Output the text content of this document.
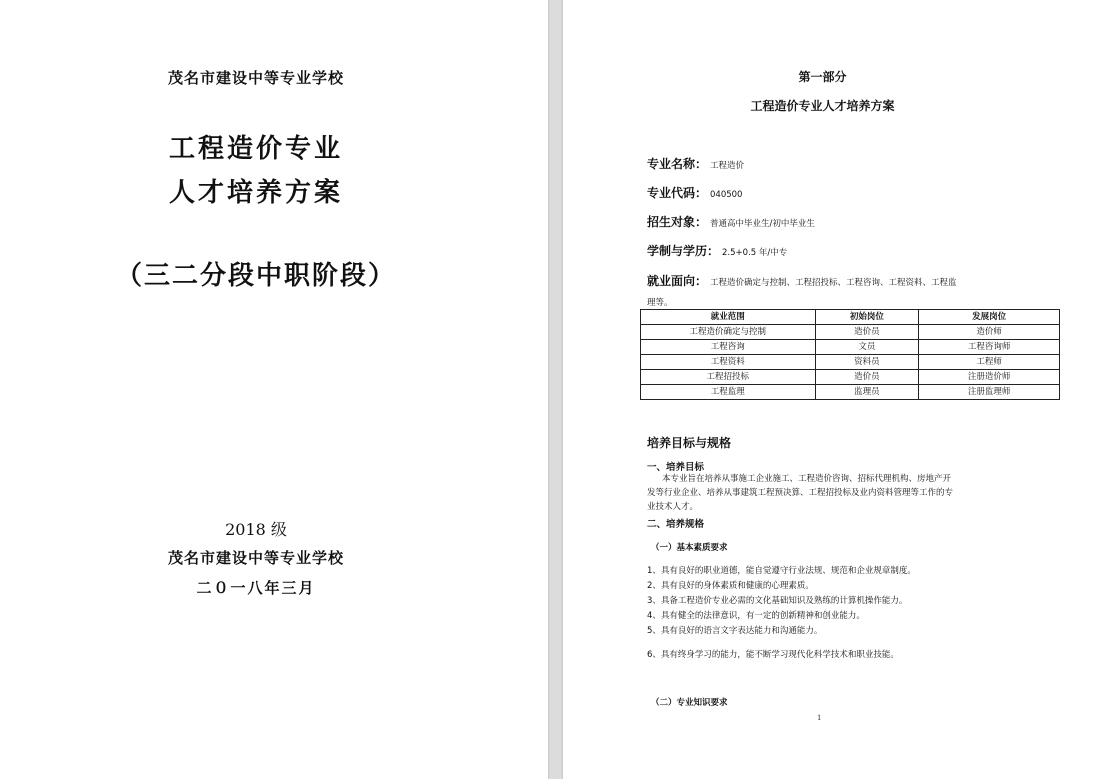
茂名市建设中等专业学校
工程造价专业
人才培养方案
（三二分段中职阶段）
2018 级
茂名市建设中等专业学校
二０一八年三月
第一部分
工程造价专业人才培养方案
专业名称： 工程造价
专业代码： 040500
招生对象： 普通高中毕业生/初中毕业生
学制与学历： 2.5+0.5 年/中专
就业面向： 工程造价确定与控制、工程招投标、工程咨询、工程资料、工程监
理等。
就业范围	初始岗位	发展岗位
工程造价确定与控制	造价员	造价师
工程咨询	文员	工程咨询师
工程资料	资料员	工程师
工程招投标	造价员	注册造价师
工程监理	监理员	注册监理师
培养目标与规格
一、培养目标
本专业旨在培养从事施工企业施工、工程造价咨询、招标代理机构、房地产开
发等行业企业、培养从事建筑工程预决算、工程招投标及业内资料管理等工作的专
业技术人才。
二、培养规格
（一）基本素质要求
1、具有良好的职业道德，能自觉遵守行业法规、规范和企业规章制度。
2、具有良好的身体素质和健康的心理素质。
3、具备工程造价专业必需的文化基础知识及熟练的计算机操作能力。
4、具有健全的法律意识，有一定的创新精神和创业能力。
5、具有良好的语言文字表达能力和沟通能力。
6、具有终身学习的能力，能不断学习现代化科学技术和职业技能。
（二）专业知识要求
1
